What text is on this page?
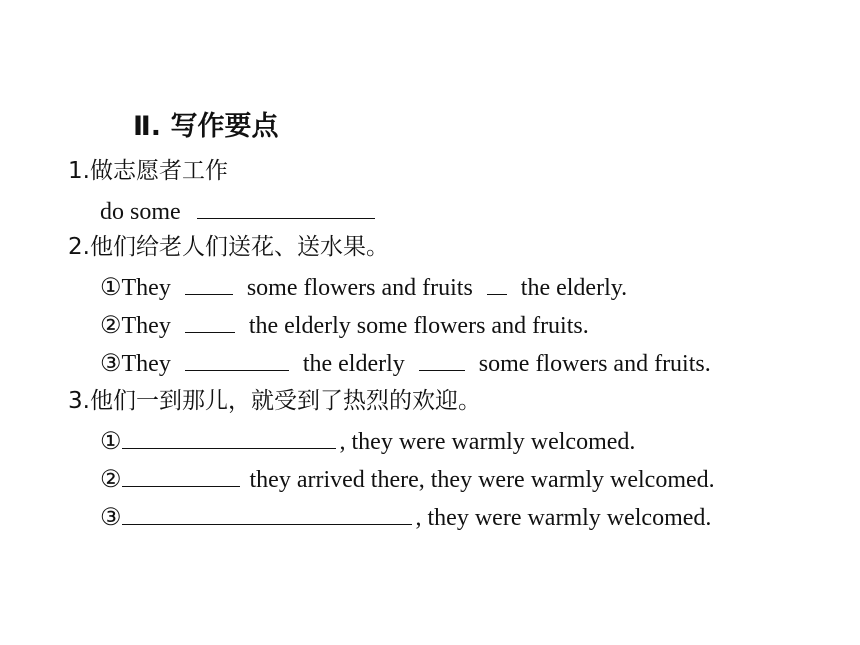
Ⅱ. 写作要点
1.做志愿者工作
do some
2.他们给老人们送花、送水果。
①They	some flowers and fruits the elderly.
②They	the elderly some flowers and fruits.
③They	the elderly	some flowers and fruits.
3.他们一到那儿，就受到了热烈的欢迎。
①	, they were warmly welcomed.
②	they arrived there, they were warmly welcomed.
③	, they were warmly welcomed.
